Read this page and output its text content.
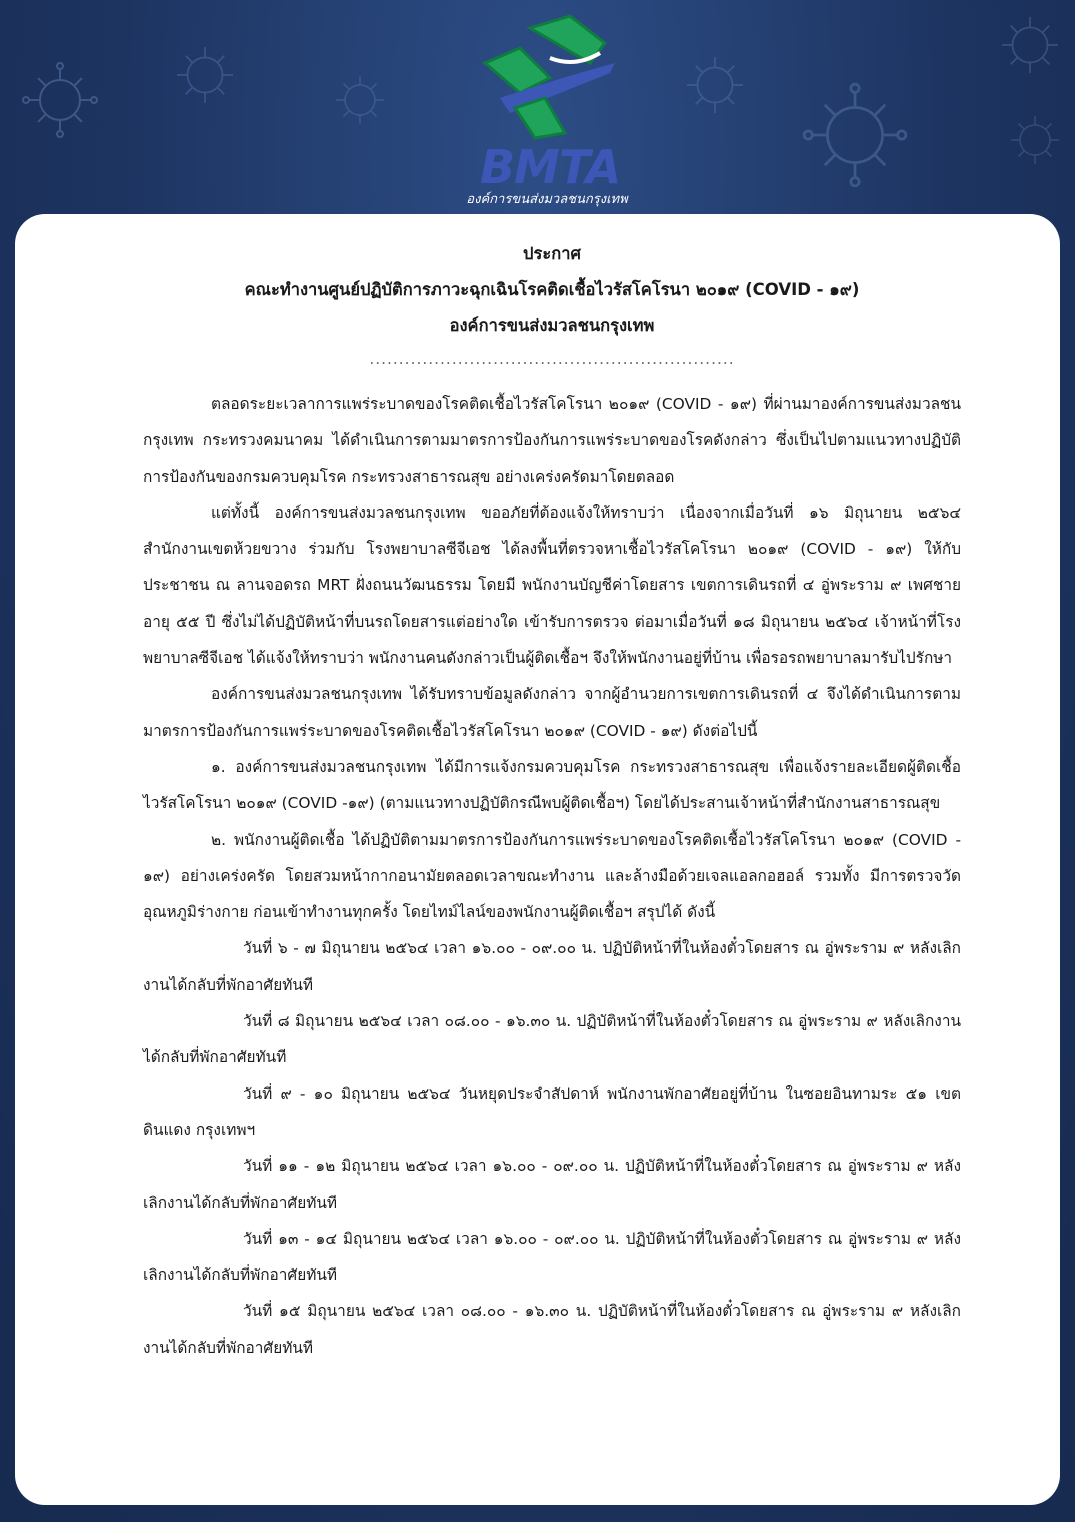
BMTA
องค์การขนส่งมวลชนกรุงเทพ
ประกาศ
คณะทำงานศูนย์ปฏิบัติการภาวะฉุกเฉินโรคติดเชื้อไวรัสโคโรนา ๒๐๑๙ (COVID - ๑๙)
องค์การขนส่งมวลชนกรุงเทพ
..............................................................

ตลอดระยะเวลาการแพร่ระบาดของโรคติดเชื้อไวรัสโคโรนา ๒๐๑๙ (COVID - ๑๙) ที่ผ่านมาองค์การขนส่งมวลชนกรุงเทพ กระทรวงคมนาคม ได้ดำเนินการตามมาตรการป้องกันการแพร่ระบาดของโรคดังกล่าว ซึ่งเป็นไปตามแนวทางปฏิบัติการป้องกันของกรมควบคุมโรค กระทรวงสาธารณสุข อย่างเคร่งครัดมาโดยตลอด

แต่ทั้งนี้ องค์การขนส่งมวลชนกรุงเทพ ขออภัยที่ต้องแจ้งให้ทราบว่า เนื่องจากเมื่อวันที่ ๑๖ มิถุนายน ๒๕๖๔ สำนักงานเขตห้วยขวาง ร่วมกับ โรงพยาบาลซีจีเอช ได้ลงพื้นที่ตรวจหาเชื้อไวรัสโคโรนา ๒๐๑๙ (COVID - ๑๙) ให้กับประชาชน ณ ลานจอดรถ MRT ฝั่งถนนวัฒนธรรม โดยมี พนักงานบัญชีค่าโดยสาร เขตการเดินรถที่ ๔ อู่พระราม ๙ เพศชาย อายุ ๕๕ ปี ซึ่งไม่ได้ปฏิบัติหน้าที่บนรถโดยสารแต่อย่างใด เข้ารับการตรวจ ต่อมาเมื่อวันที่ ๑๘ มิถุนายน ๒๕๖๔ เจ้าหน้าที่โรงพยาบาลซีจีเอช ได้แจ้งให้ทราบว่า พนักงานคนดังกล่าวเป็นผู้ติดเชื้อฯ จึงให้พนักงานอยู่ที่บ้าน เพื่อรอรถพยาบาลมารับไปรักษา

องค์การขนส่งมวลชนกรุงเทพ ได้รับทราบข้อมูลดังกล่าว จากผู้อำนวยการเขตการเดินรถที่ ๔ จึงได้ดำเนินการตามมาตรการป้องกันการแพร่ระบาดของโรคติดเชื้อไวรัสโคโรนา ๒๐๑๙ (COVID - ๑๙) ดังต่อไปนี้

๑. องค์การขนส่งมวลชนกรุงเทพ ได้มีการแจ้งกรมควบคุมโรค กระทรวงสาธารณสุข เพื่อแจ้งรายละเอียดผู้ติดเชื้อไวรัสโคโรนา ๒๐๑๙ (COVID -๑๙) (ตามแนวทางปฏิบัติกรณีพบผู้ติดเชื้อฯ) โดยได้ประสานเจ้าหน้าที่สำนักงานสาธารณสุข

๒. พนักงานผู้ติดเชื้อ ได้ปฏิบัติตามมาตรการป้องกันการแพร่ระบาดของโรคติดเชื้อไวรัสโคโรนา ๒๐๑๙ (COVID - ๑๙) อย่างเคร่งครัด โดยสวมหน้ากากอนามัยตลอดเวลาขณะทำงาน และล้างมือด้วยเจลแอลกอฮอล์ รวมทั้ง มีการตรวจวัดอุณหภูมิร่างกาย ก่อนเข้าทำงานทุกครั้ง โดยไทม์ไลน์ของพนักงานผู้ติดเชื้อฯ สรุปได้ ดังนี้

วันที่ ๖ - ๗ มิถุนายน ๒๕๖๔ เวลา ๑๖.๐๐ - ๐๙.๐๐ น. ปฏิบัติหน้าที่ในห้องตั๋วโดยสาร ณ อู่พระราม ๙ หลังเลิกงานได้กลับที่พักอาศัยทันที

วันที่ ๘ มิถุนายน ๒๕๖๔ เวลา ๐๘.๐๐ - ๑๖.๓๐ น. ปฏิบัติหน้าที่ในห้องตั๋วโดยสาร ณ อู่พระราม ๙ หลังเลิกงานได้กลับที่พักอาศัยทันที

วันที่ ๙ - ๑๐ มิถุนายน ๒๕๖๔ วันหยุดประจำสัปดาห์ พนักงานพักอาศัยอยู่ที่บ้าน ในซอยอินทามระ ๕๑ เขตดินแดง กรุงเทพฯ

วันที่ ๑๑ - ๑๒ มิถุนายน ๒๕๖๔ เวลา ๑๖.๐๐ - ๐๙.๐๐ น. ปฏิบัติหน้าที่ในห้องตั๋วโดยสาร ณ อู่พระราม ๙ หลังเลิกงานได้กลับที่พักอาศัยทันที

วันที่ ๑๓ - ๑๔ มิถุนายน ๒๕๖๔ เวลา ๑๖.๐๐ - ๐๙.๐๐ น. ปฏิบัติหน้าที่ในห้องตั๋วโดยสาร ณ อู่พระราม ๙ หลังเลิกงานได้กลับที่พักอาศัยทันที

วันที่ ๑๕ มิถุนายน ๒๕๖๔ เวลา ๐๘.๐๐ - ๑๖.๓๐ น. ปฏิบัติหน้าที่ในห้องตั๋วโดยสาร ณ อู่พระราม ๙ หลังเลิกงานได้กลับที่พักอาศัยทันที
